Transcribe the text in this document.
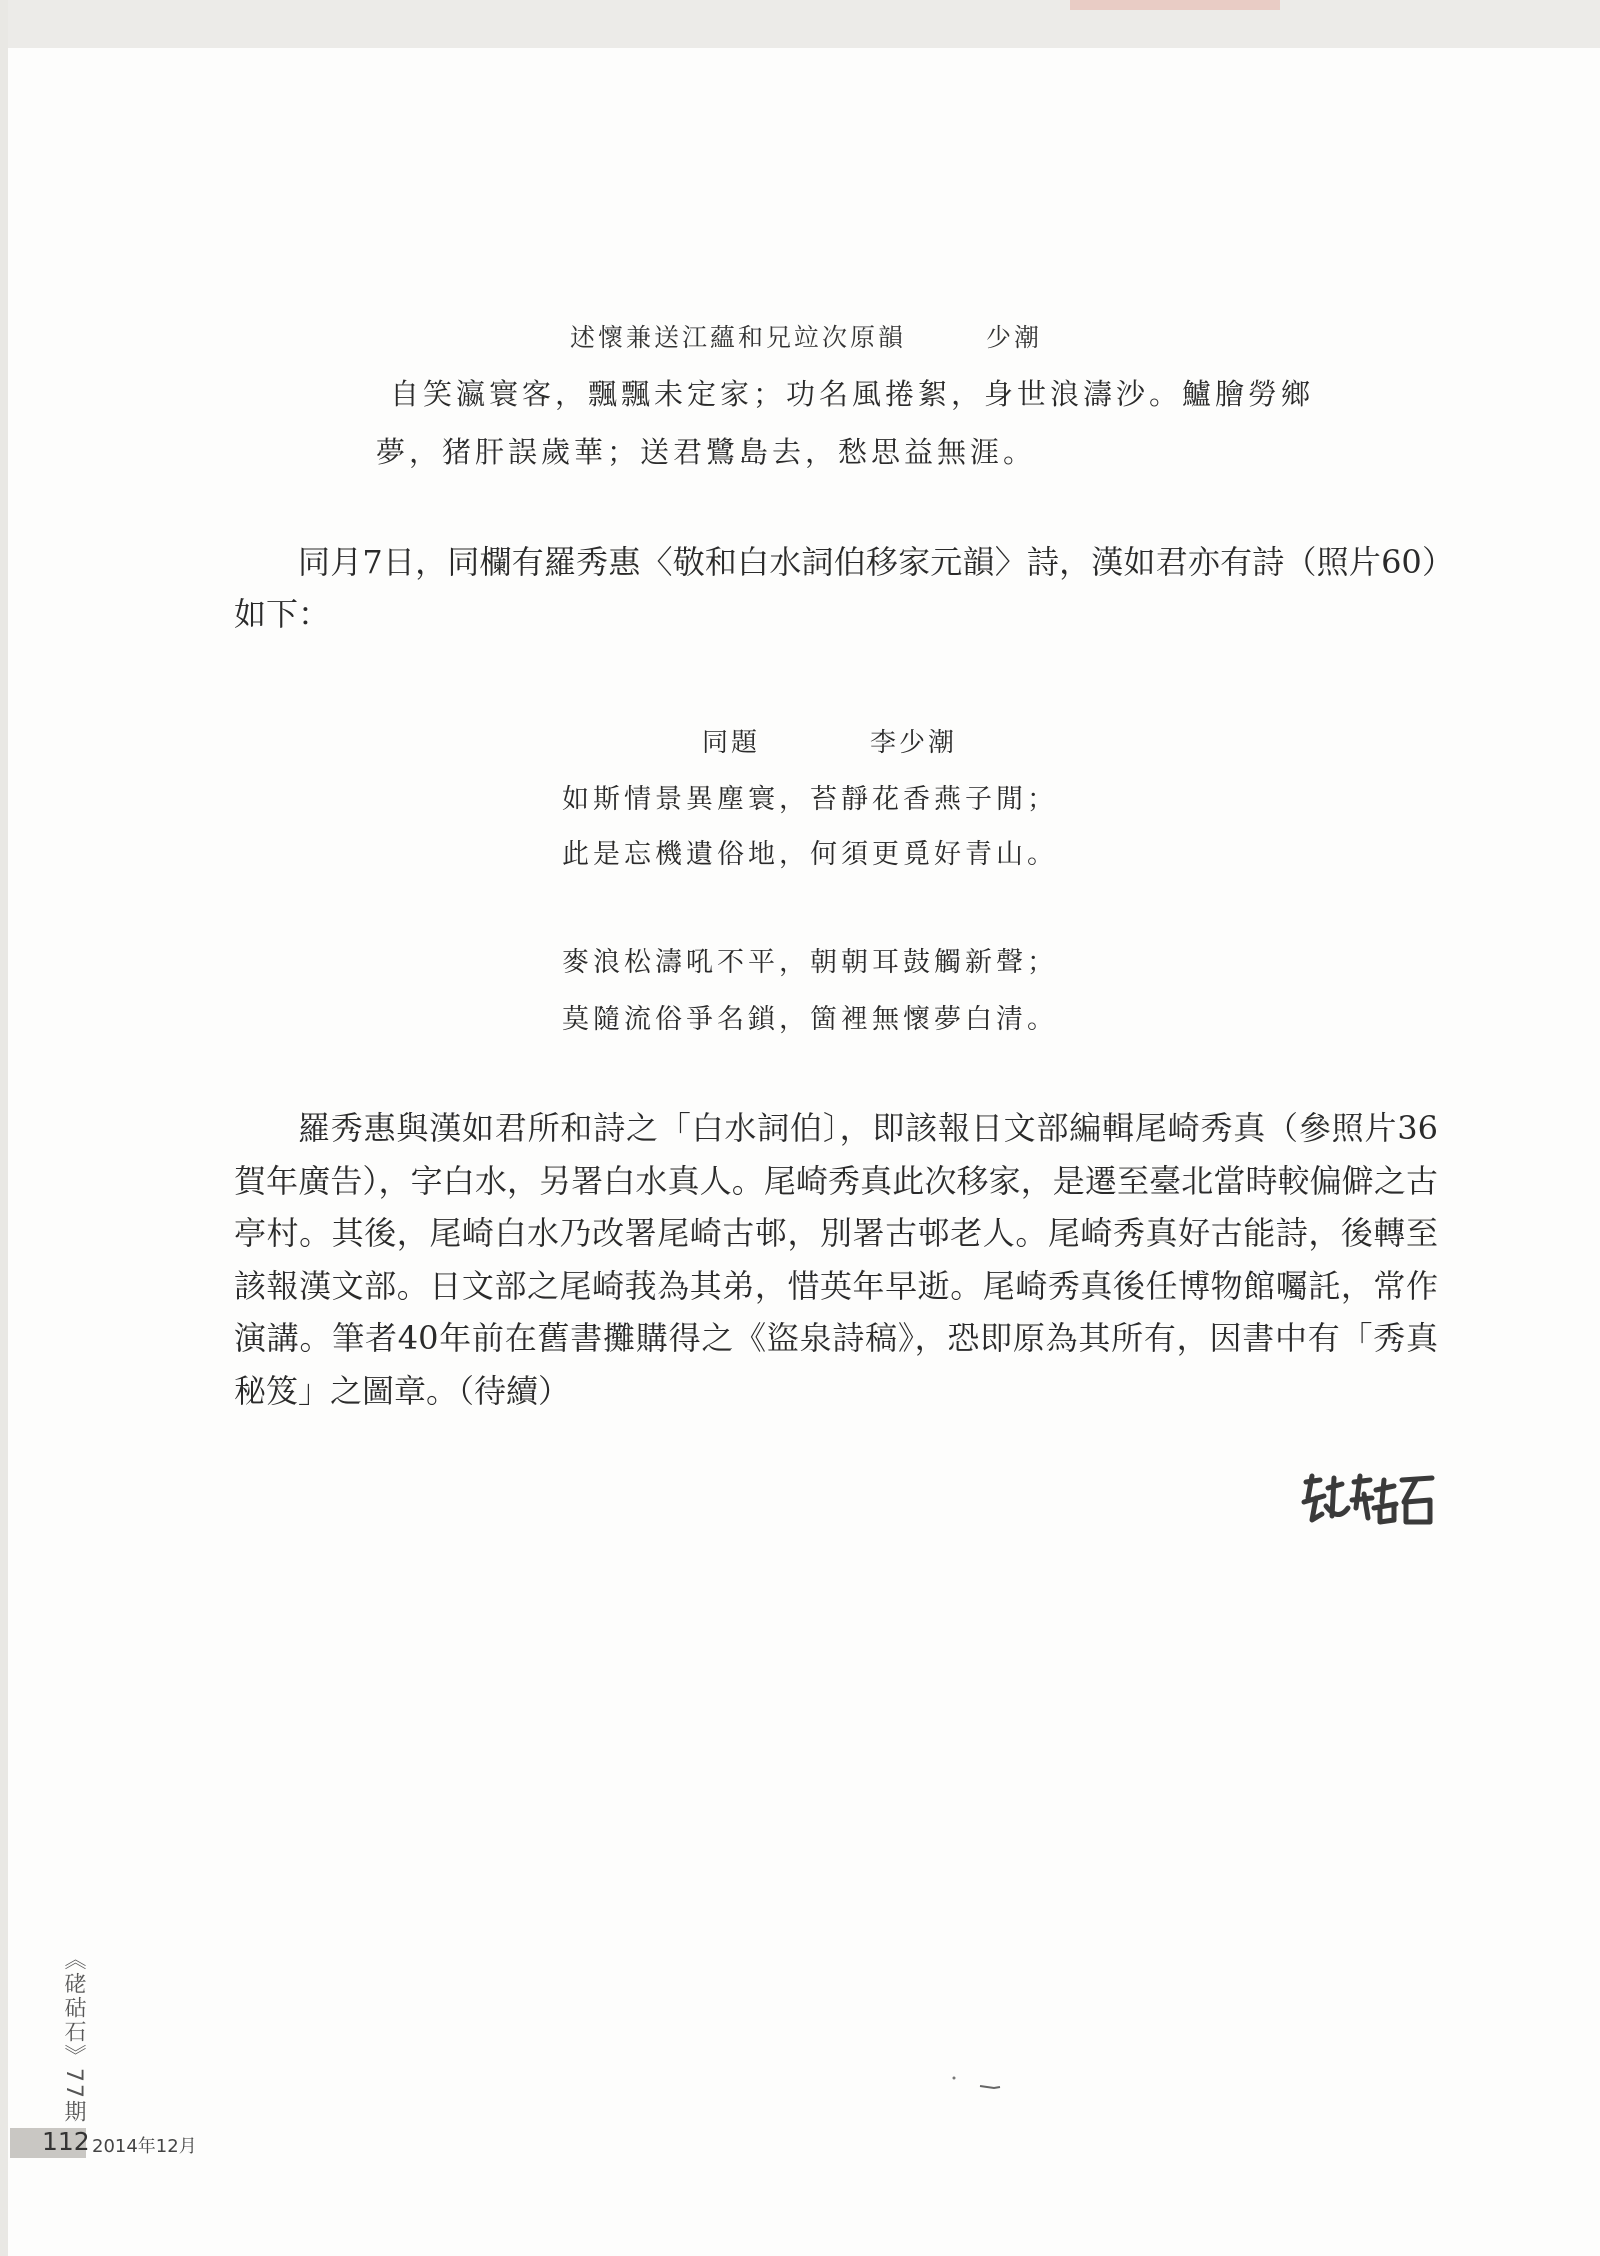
述懷兼送江蘊和兄竝次原韻	少潮
自笑瀛寰客，飄飄未定家；功名風捲絮，身世浪濤沙。鱸膾勞鄉
夢，猪肝誤歲華；送君鷺島去，愁思益無涯。
同月7日，同欄有羅秀惠〈敬和白水詞伯移家元韻〉詩，漢如君亦有詩（照片60）如下：
同題	李少潮
如斯情景異塵寰，苔靜花香燕子閒；
此是忘機遺俗地，何須更覓好青山。
麥浪松濤吼不平，朝朝耳鼓觸新聲；
莫隨流俗爭名鎖，箇裡無懷夢白清。
羅秀惠與漢如君所和詩之「白水詞伯〕，即該報日文部編輯尾崎秀真（參照片36賀年廣告），字白水，另署白水真人。尾崎秀真此次移家，是遷至臺北當時較偏僻之古亭村。其後，尾崎白水乃改署尾崎古邨，別署古邨老人。尾崎秀真好古能詩，後轉至該報漢文部。日文部之尾崎莪為其弟，惜英年早逝。尾崎秀真後任博物館囑託，常作演講。筆者40年前在舊書攤購得之《盜泉詩稿》，恐即原為其所有，因書中有「秀真秘笈」之圖章。（待續）
《硓𥑮石》77期
112 2014年12月
